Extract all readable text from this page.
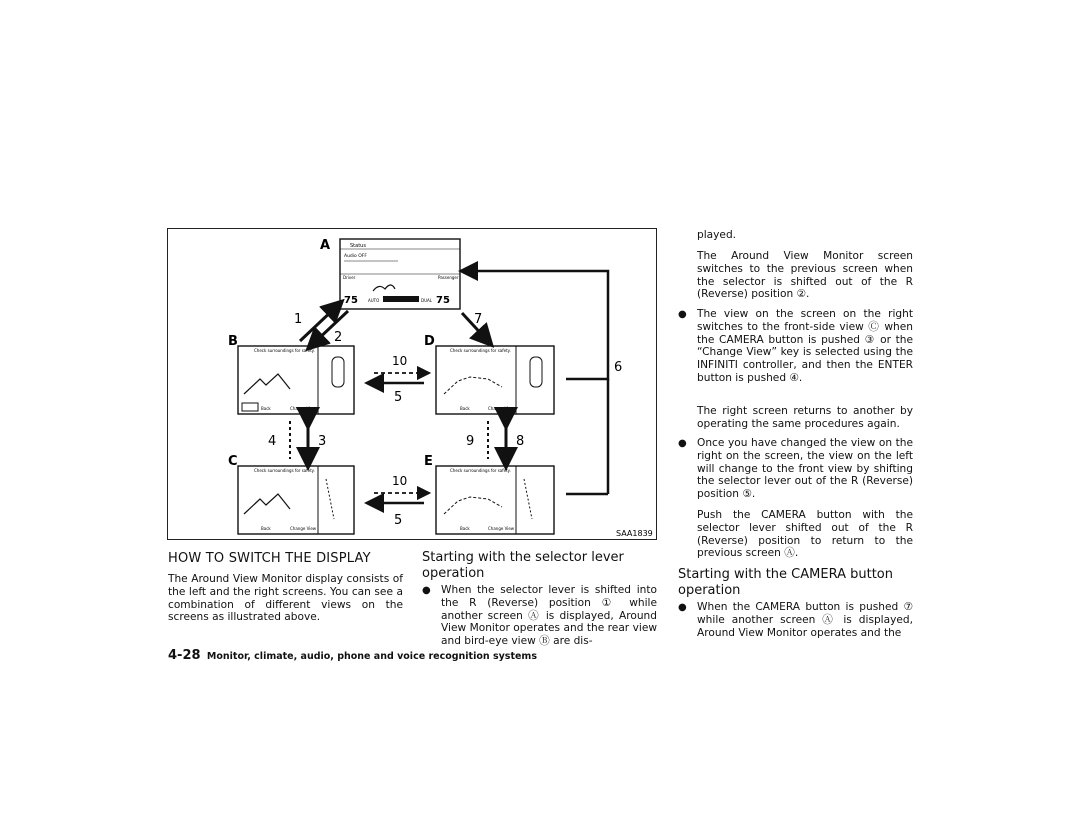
Status
Audio OFF
Driver	Passenger
75	AUTO	DUAL 75
A
Check surroundings for safety.
Back	Change View
B
Check surroundings for safety.
Back	Change View
D
Check surroundings for safety.
Back	Change View
C
Check surroundings for safety.
Back	Change View
E
1
2
7
10
5
10
5
4	3	9	8
6
SAA1839
HOW TO SWITCH THE DISPLAY
The Around View Monitor display consists of the left and the right screens. You can see a combination of different views on the screens as illustrated above.
Starting with the selector lever operation
● When the selector lever is shifted into the R (Reverse) position ① while another screen Ⓐ is displayed, Around View Monitor operates and the rear view and bird-eye view Ⓑ are dis-
played.
The Around View Monitor screen switches to the previous screen when the selector is shifted out of the R (Reverse) position ②.
● The view on the screen on the right switches to the front-side view Ⓒ when the CAMERA button is pushed ③ or the “Change View” key is selected using the INFINITI controller, and then the ENTER button is pushed ④.
The right screen returns to another by operating the same procedures again.
● Once you have changed the view on the right on the screen, the view on the left will change to the front view by shifting the selector lever out of the R (Reverse) position ⑤.
Push the CAMERA button with the selector lever shifted out of the R (Reverse) position to return to the previous screen Ⓐ.
Starting with the CAMERA button operation
● When the CAMERA button is pushed ⑦ while another screen Ⓐ is displayed, Around View Monitor operates and the
4-28 Monitor, climate, audio, phone and voice recognition systems
